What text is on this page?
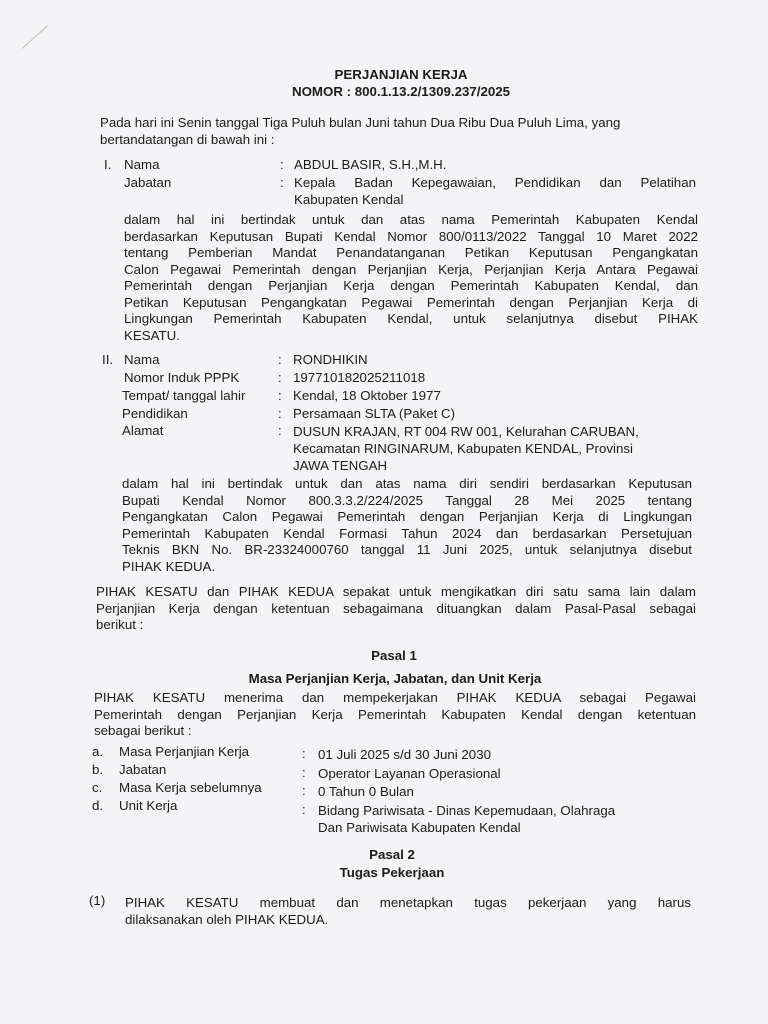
PERJANJIAN KERJA
NOMOR : 800.1.13.2/1309.237/2025
Pada hari ini Senin tanggal Tiga Puluh bulan Juni tahun Dua Ribu Dua Puluh Lima, yang
bertandatangan di bawah ini :
I. Nama	: ABDUL BASIR, S.H.,M.H.
Jabatan	: Kepala Badan Kepegawaian, Pendidikan dan Pelatihan
Kabupaten Kendal
dalam hal ini bertindak untuk dan atas nama Pemerintah Kabupaten Kendal
berdasarkan Keputusan Bupati Kendal Nomor 800/0113/2022 Tanggal 10 Maret 2022
tentang Pemberian Mandat Penandatanganan Petikan Keputusan Pengangkatan
Calon Pegawai Pemerintah dengan Perjanjian Kerja, Perjanjian Kerja Antara Pegawai
Pemerintah dengan Perjanjian Kerja dengan Pemerintah Kabupaten Kendal, dan
Petikan Keputusan Pengangkatan Pegawai Pemerintah dengan Perjanjian Kerja di
Lingkungan Pemerintah Kabupaten Kendal, untuk selanjutnya disebut PIHAK
KESATU.
II. Nama	: RONDHIKIN
Nomor Induk PPPK	: 197710182025211018
Tempat/ tanggal lahir : Kendal, 18 Oktober 1977
Pendidikan	: Persamaan SLTA (Paket C)
Alamat	: DUSUN KRAJAN, RT 004 RW 001, Kelurahan CARUBAN,
Kecamatan RINGINARUM, Kabupaten KENDAL, Provinsi
JAWA TENGAH
dalam hal ini bertindak untuk dan atas nama diri sendiri berdasarkan Keputusan
Bupati Kendal Nomor 800.3.3.2/224/2025 Tanggal 28 Mei 2025 tentang
Pengangkatan Calon Pegawai Pemerintah dengan Perjanjian Kerja di Lingkungan
Pemerintah Kabupaten Kendal Formasi Tahun 2024 dan berdasarkan Persetujuan
Teknis BKN No. BR-23324000760 tanggal 11 Juni 2025, untuk selanjutnya disebut
PIHAK KEDUA.
PIHAK KESATU dan PIHAK KEDUA sepakat untuk mengikatkan diri satu sama lain dalam
Perjanjian Kerja dengan ketentuan sebagaimana dituangkan dalam Pasal-Pasal sebagai
berikut :
Pasal 1
Masa Perjanjian Kerja, Jabatan, dan Unit Kerja
PIHAK KESATU menerima dan mempekerjakan PIHAK KEDUA sebagai Pegawai
Pemerintah dengan Perjanjian Kerja Pemerintah Kabupaten Kendal dengan ketentuan
sebagai berikut :
a. Masa Perjanjian Kerja	: 01 Juli 2025 s/d 30 Juni 2030
b. Jabatan	: Operator Layanan Operasional
c. Masa Kerja sebelumnya	: 0 Tahun 0 Bulan
d. Unit Kerja	: Bidang Pariwisata - Dinas Kepemudaan, Olahraga
Dan Pariwisata Kabupaten Kendal
Pasal 2
Tugas Pekerjaan
(1) PIHAK KESATU membuat dan menetapkan tugas pekerjaan yang harus
dilaksanakan oleh PIHAK KEDUA.
